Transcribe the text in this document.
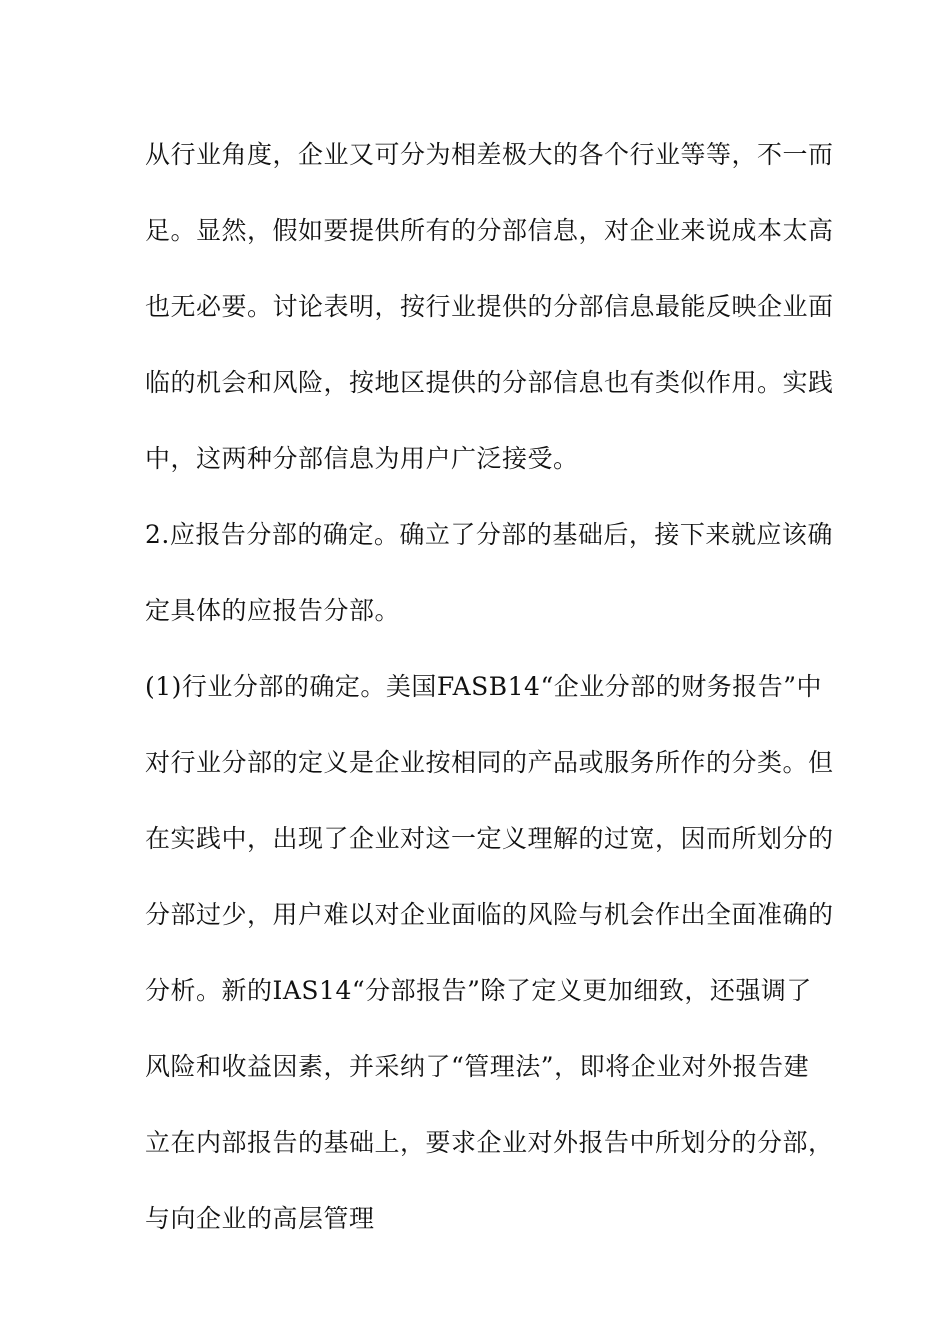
从行业角度，企业又可分为相差极大的各个行业等等，不一而
足。显然，假如要提供所有的分部信息，对企业来说成本太高
也无必要。讨论表明，按行业提供的分部信息最能反映企业面
临的机会和风险，按地区提供的分部信息也有类似作用。实践
中，这两种分部信息为用户广泛接受。
2.应报告分部的确定。确立了分部的基础后，接下来就应该确
定具体的应报告分部。
(1)行业分部的确定。美国FASB14“企业分部的财务报告”中
对行业分部的定义是企业按相同的产品或服务所作的分类。但
在实践中，出现了企业对这一定义理解的过宽，因而所划分的
分部过少，用户难以对企业面临的风险与机会作出全面准确的
分析。新的IAS14“分部报告”除了定义更加细致，还强调了
风险和收益因素，并采纳了“管理法”，即将企业对外报告建
立在内部报告的基础上，要求企业对外报告中所划分的分部，
与向企业的高层管理
